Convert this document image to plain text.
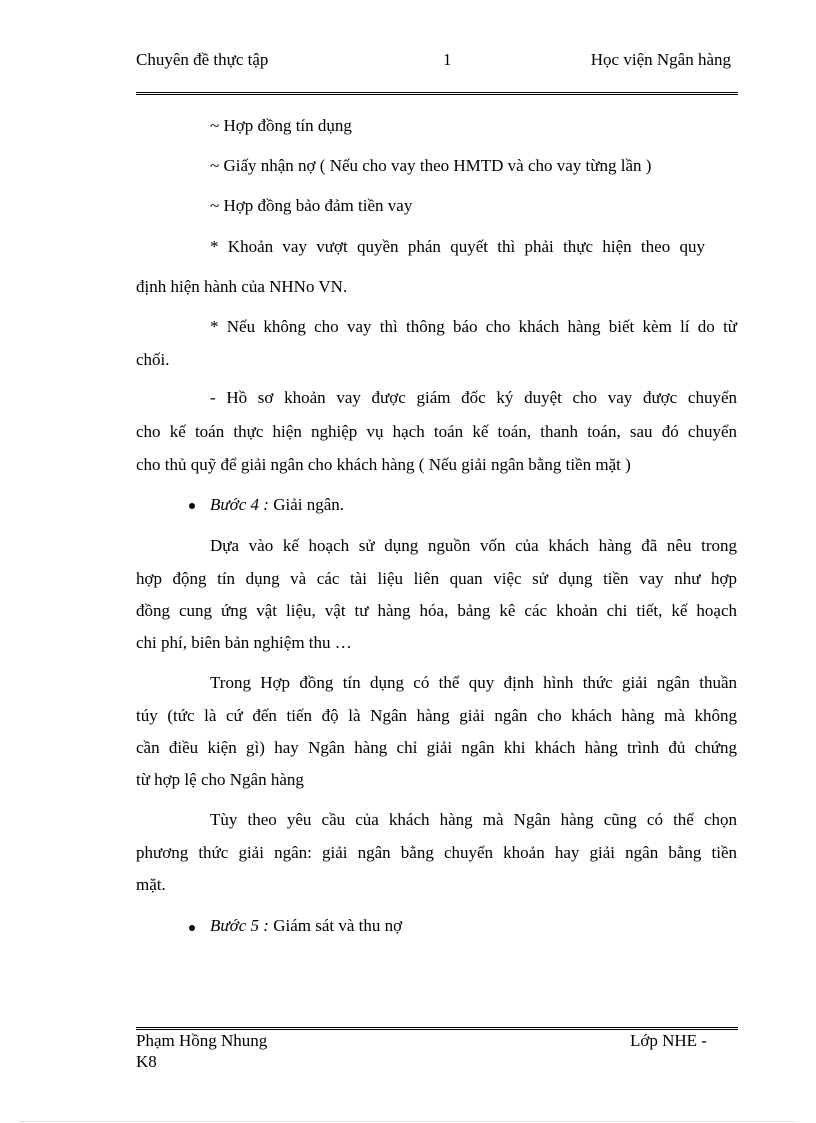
Chuyên đề thực tập	1	Học viện Ngân hàng
~ Hợp đồng tín dụng
~ Giấy nhận nợ ( Nếu cho vay theo HMTD và cho vay từng lần )
~ Hợp đồng bảo đảm tiền vay
* Khoản vay vượt quyền phán quyết thì phải thực hiện theo quy
định hiện hành của NHNo VN.
* Nếu không cho vay thì thông báo cho khách hàng biết kèm lí do từ
chối.
- Hồ sơ khoản vay được giám đốc ký duyệt cho vay được chuyển
cho kế toán thực hiện nghiệp vụ hạch toán kế toán, thanh toán, sau đó chuyển
cho thủ quỹ để giải ngân cho khách hàng ( Nếu giải ngân bằng tiền mặt )
Bước 4 : Giải ngân.
Dựa vào kế hoạch sử dụng nguồn vốn của khách hàng đã nêu trong
hợp động tín dụng và các tài liệu liên quan việc sử dụng tiền vay như hợp
đồng cung ứng vật liệu, vật tư hàng hóa, bảng kê các khoản chi tiết, kế hoạch
chi phí, biên bản nghiệm thu …
Trong Hợp đồng tín dụng có thể quy định hình thức giải ngân thuần
túy (tức là cứ đến tiến độ là Ngân hàng giải ngân cho khách hàng mà không
cần điều kiện gì) hay Ngân hàng chỉ giải ngân khi khách hàng trình đủ chứng
từ hợp lệ cho Ngân hàng
Tùy theo yêu cầu của khách hàng mà Ngân hàng cũng có thể chọn
phương thức giải ngân: giải ngân bằng chuyển khoản hay giải ngân bằng tiền
mặt.
Bước 5 : Giám sát và thu nợ
Phạm Hồng Nhung
K8
Lớp NHE -
